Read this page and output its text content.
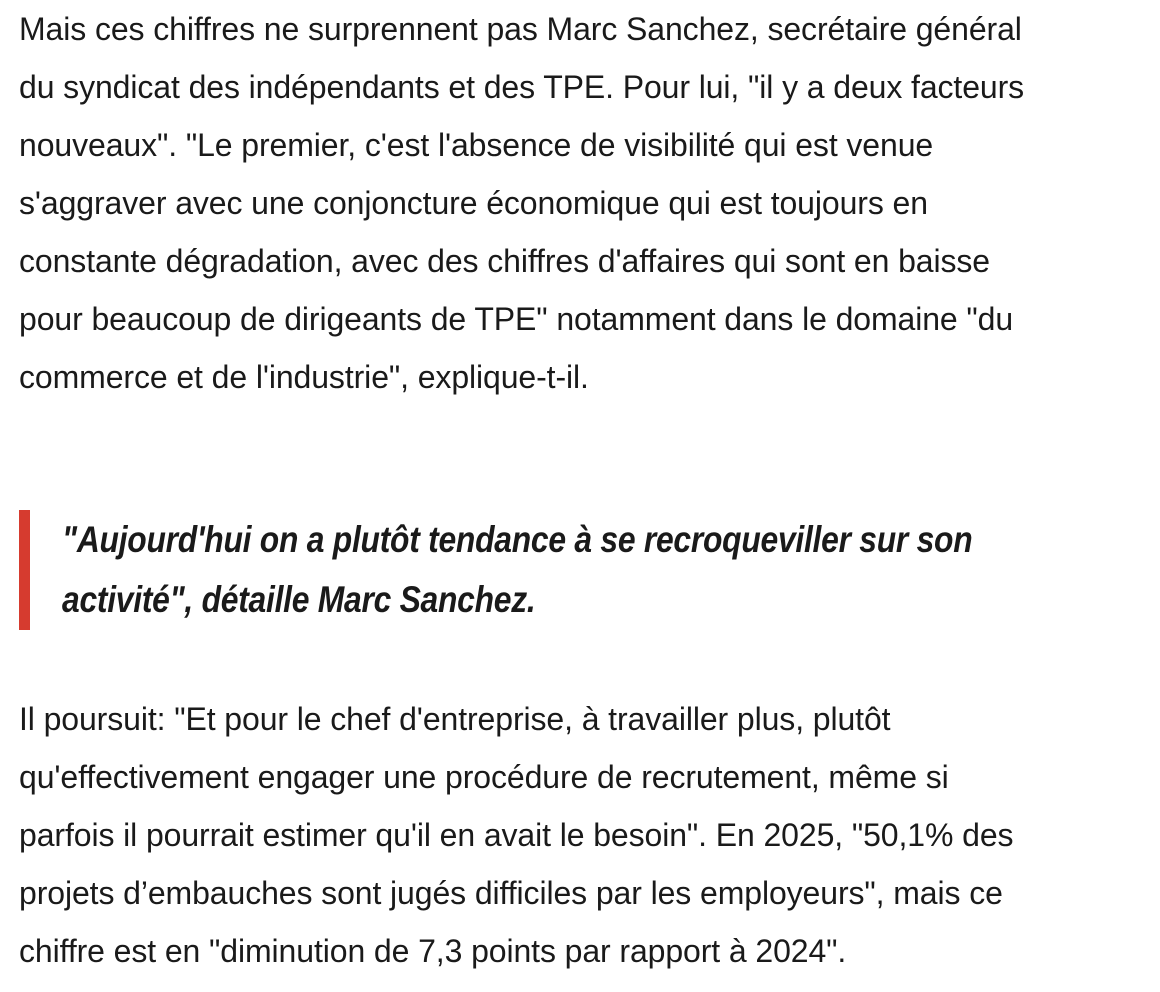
Mais ces chiffres ne surprennent pas Marc Sanchez, secrétaire général
du syndicat des indépendants et des TPE. Pour lui, "il y a deux facteurs
nouveaux". "Le premier, c'est l'absence de visibilité qui est venue
s'aggraver avec une conjoncture économique qui est toujours en
constante dégradation, avec des chiffres d'affaires qui sont en baisse
pour beaucoup de dirigeants de TPE" notamment dans le domaine "du
commerce et de l'industrie", explique-t-il.

"Aujourd'hui on a plutôt tendance à se recroqueviller sur son
activité", détaille Marc Sanchez.

Il poursuit: "Et pour le chef d'entreprise, à travailler plus, plutôt
qu'effectivement engager une procédure de recrutement, même si
parfois il pourrait estimer qu'il en avait le besoin". En 2025, "50,1% des
projets d’embauches sont jugés difficiles par les employeurs", mais ce
chiffre est en "diminution de 7,3 points par rapport à 2024".
